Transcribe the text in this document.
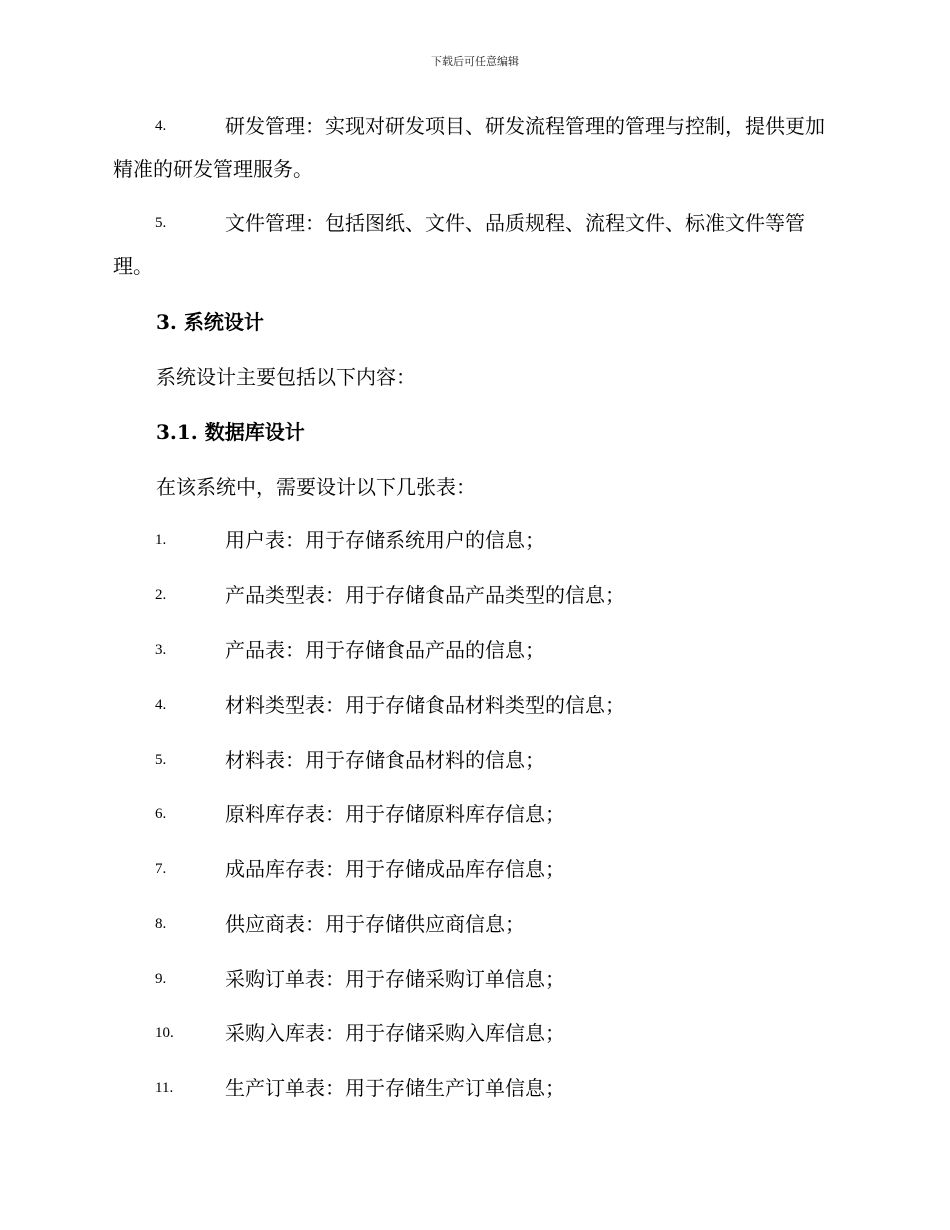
下载后可任意编辑
4.	研发管理：实现对研发项目、研发流程管理的管理与控制，提供更加精准的研发管理服务。
5.	文件管理：包括图纸、文件、品质规程、流程文件、标准文件等管理。

3. 系统设计

系统设计主要包括以下内容：

3.1. 数据库设计

在该系统中，需要设计以下几张表：

1.	用户表：用于存储系统用户的信息；
2.	产品类型表：用于存储食品产品类型的信息；
3.	产品表：用于存储食品产品的信息；
4.	材料类型表：用于存储食品材料类型的信息；
5.	材料表：用于存储食品材料的信息；
6.	原料库存表：用于存储原料库存信息；
7.	成品库存表：用于存储成品库存信息；
8.	供应商表：用于存储供应商信息；
9.	采购订单表：用于存储采购订单信息；
10.	采购入库表：用于存储采购入库信息；
11.	生产订单表：用于存储生产订单信息；
